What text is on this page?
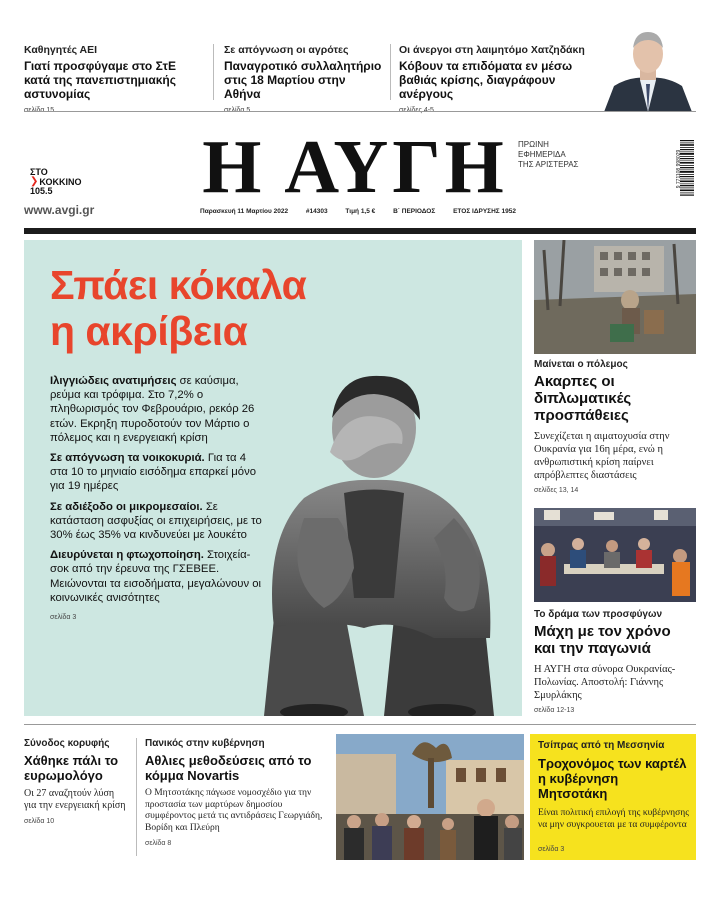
Καθηγητές ΑΕΙ
Γιατί προσφύγαμε στο ΣτΕ κατά της πανεπιστημιακής αστυνομίας
Σε απόγνωση οι αγρότες
Παναγροτικό συλλαλητήριο στις 18 Μαρτίου στην Αθήνα
Οι άνεργοι στη λαιμητόμο Χατζηδάκη
Κόβουν τα επιδόματα εν μέσω βαθιάς κρίσης, διαγράφουν ανέργους
ΣΤΟ
❯ ΚΟΚΚΙΝΟ
105.5
www.avgi.gr
Η ΑΥΓΗ	ΠΡΩΙΝΗ
ΕΦΗΜΕΡΙΔΑ
ΤΗΣ ΑΡΙΣΤΕΡΑΣ	9 771108 998029
Παρασκευή 11 Μαρτίου 2022	#14303	Τιμή 1,5 €	Β΄ ΠΕΡΙΟΔΟΣ	ΕΤΟΣ ΙΔΡΥΣΗΣ 1952
Σπάει κόκαλα
η ακρίβεια
Ιλιγγιώδεις ανατιμήσεις σε καύσιμα, ρεύμα και τρόφιμα. Στο 7,2% ο πληθωρισμός τον Φεβρουάριο, ρεκόρ 26 ετών. Εκρηξη πυροδοτούν τον Μάρτιο ο πόλεμος και η ενεργειακή κρίση
Σε απόγνωση τα νοικοκυριά. Για τα 4 στα 10 το μηνιαίο εισόδημα επαρκεί μόνο για 19 ημέρες
Σε αδιέξοδο οι μικρομεσαίοι. Σε κατάσταση ασφυξίας οι επιχειρήσεις, με το 30% έως 35% να κινδυνεύει με λουκέτο
Διευρύνεται η φτωχοποίηση. Στοιχεία-σοκ από την έρευνα της ΓΣΕΒΕΕ. Μειώνονται τα εισοδήματα, μεγαλώνουν οι κοινωνικές ανισότητες
σελίδα 3
Μαίνεται ο πόλεμος
Ακαρπες οι διπλωματικές προσπάθειες
Συνεχίζεται η αιματοχυσία στην Ουκρανία για 16η μέρα, ενώ η ανθρωπιστική κρίση παίρνει απρόβλεπτες διαστάσεις
σελίδες 13, 14
Το δράμα των προσφύγων
Μάχη με τον χρόνο και την παγωνιά
Η ΑΥΓΗ στα σύνορα Ουκρανίας-Πολωνίας. Αποστολή: Γιάννης Σμυρλάκης
σελίδα 12-13
Σύνοδος κορυφής
Χάθηκε πάλι το ευρωμολόγο
Οι 27 αναζητούν λύση για την ενεργειακή κρίση
σελίδα 10
Πανικός στην κυβέρνηση
Αθλιες μεθοδεύσεις από το κόμμα Novartis
Ο Μητσοτάκης πάγωσε νομοσχέδιο για την προστασία των μαρτύρων δημοσίου συμφέροντος μετά τις αντιδράσεις Γεωργιάδη, Βορίδη και Πλεύρη
σελίδα 8
Τσίπρας από τη Μεσσηνία
Τροχονόμος των καρτέλ η κυβέρνηση Μητσοτάκη
Είναι πολιτική επιλογή της κυβέρνησης να μην συγκρουεται με τα συμφέροντα
σελίδα 3
